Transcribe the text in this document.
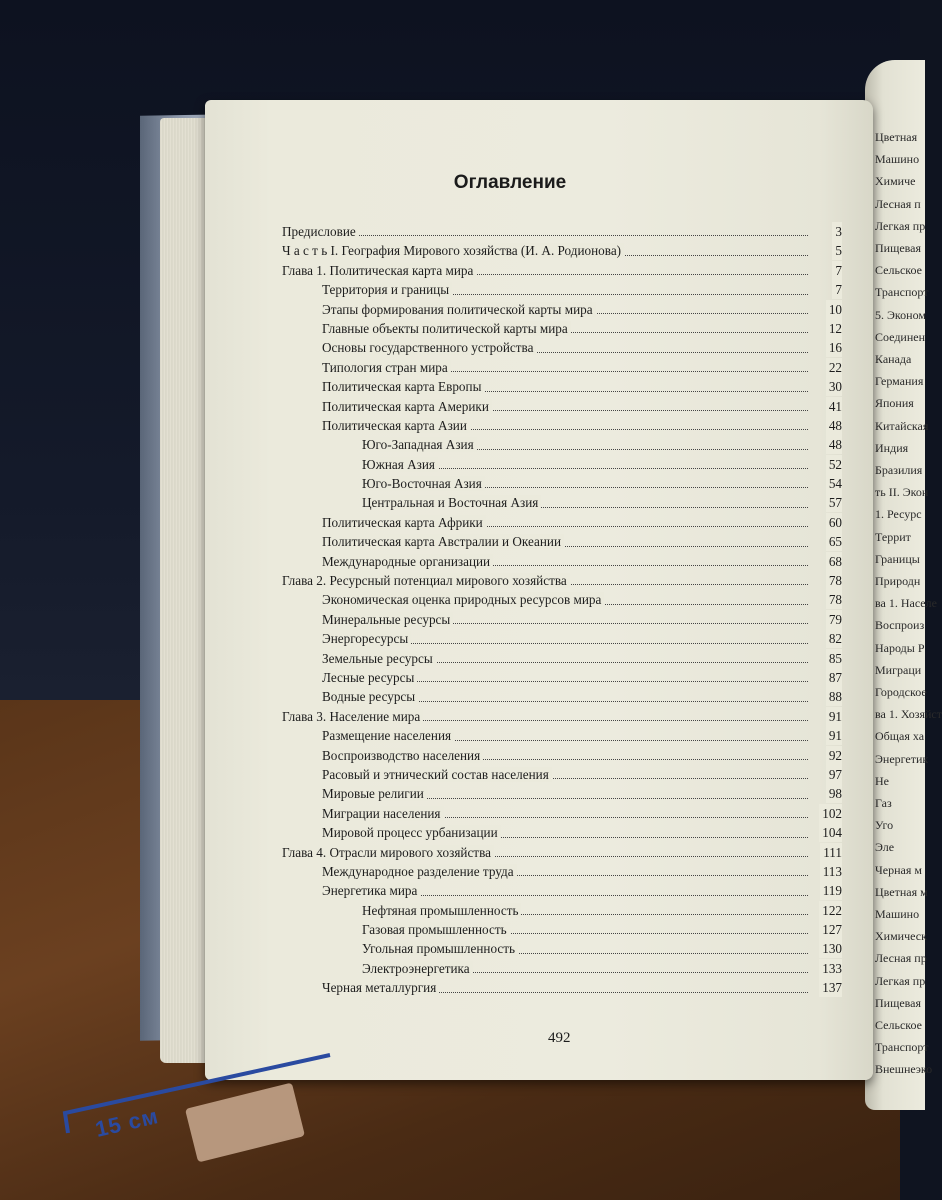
Цветная
Машино
Химиче
Лесная п
Легкая пр
Пищевая
Сельское
Транспорт
5. Эконом
Соединен
Канада
Германия
Япония
Китайская
Индия
Бразилия
ть II. Экон
1. Ресурс
Террит
Границы
Природн
ва 1. Населе
Воспроиз
Народы Р
Миграци
Городское
ва 1. Хозяйст
Общая ха
Энергетик
Не
Газ
Уго
Эле
Черная м
Цветная м
Машино
Химическ
Лесная пр
Легкая пр
Пищевая
Сельское
Транспорт
Внешнеэко
Оглавление
Предисловие	3
Ч а с т ь I. География Мирового хозяйства (И. А. Родионова)	5
Глава 1. Политическая карта мира	7
Территория и границы	7
Этапы формирования политической карты мира	10
Главные объекты политической карты мира	12
Основы государственного устройства	16
Типология стран мира	22
Политическая карта Европы	30
Политическая карта Америки	41
Политическая карта Азии	48
Юго-Западная Азия	48
Южная Азия	52
Юго-Восточная Азия	54
Центральная и Восточная Азия	57
Политическая карта Африки	60
Политическая карта Австралии и Океании	65
Международные организации	68
Глава 2. Ресурсный потенциал мирового хозяйства	78
Экономическая оценка природных ресурсов мира	78
Минеральные ресурсы	79
Энергоресурсы	82
Земельные ресурсы	85
Лесные ресурсы	87
Водные ресурсы	88
Глава 3. Население мира	91
Размещение населения	91
Воспроизводство населения	92
Расовый и этнический состав населения	97
Мировые религии	98
Миграции населения	102
Мировой процесс урбанизации	104
Глава 4. Отрасли мирового хозяйства	111
Международное разделение труда	113
Энергетика мира	119
Нефтяная промышленность	122
Газовая промышленность	127
Угольная промышленность	130
Электроэнергетика	133
Черная металлургия	137
492
15 см
